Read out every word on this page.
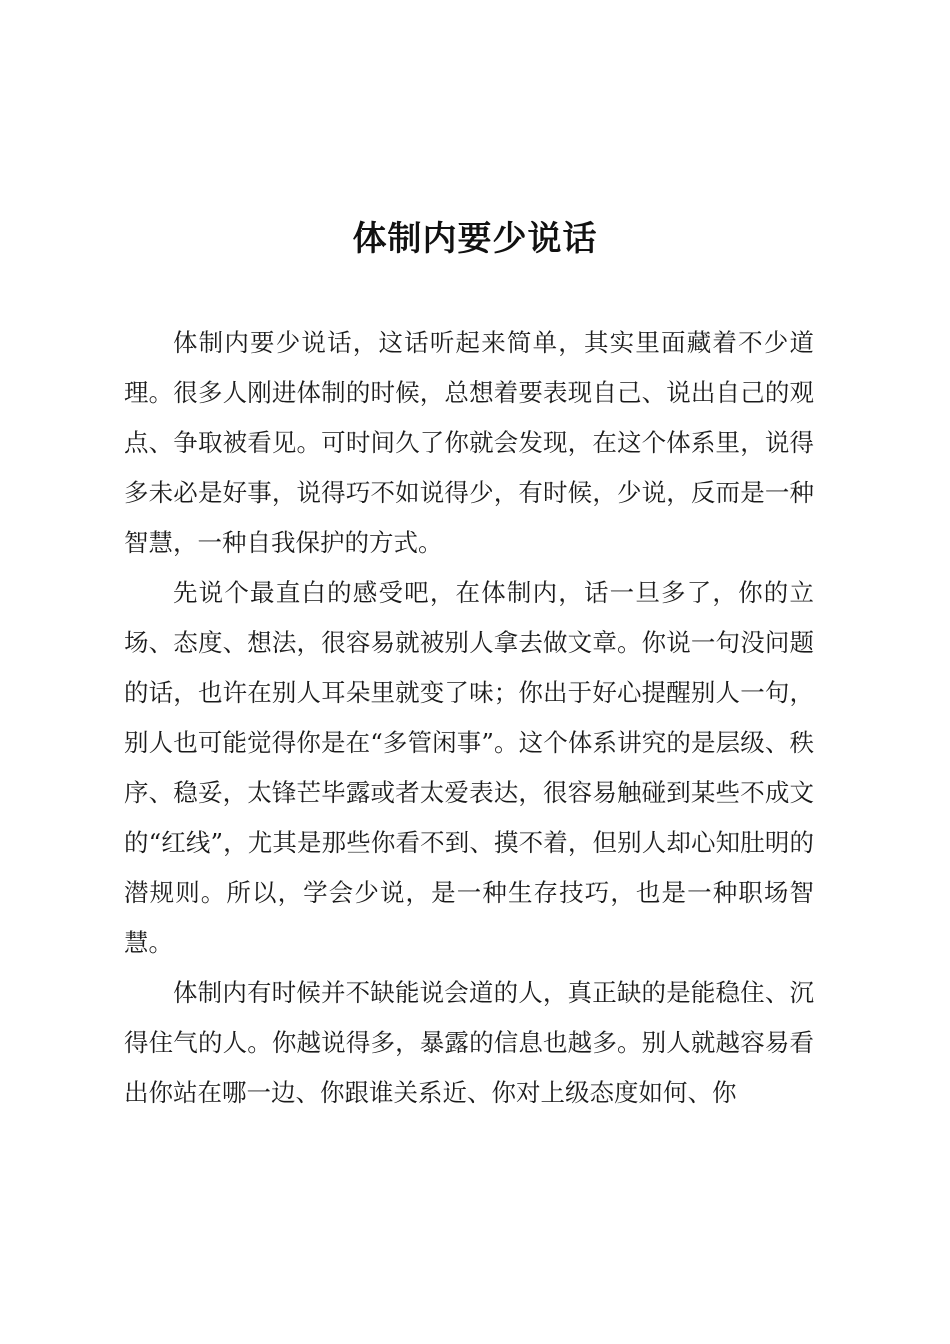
体制内要少说话

体制内要少说话，这话听起来简单，其实里面藏着不少道理。很多人刚进体制的时候，总想着要表现自己、说出自己的观点、争取被看见。可时间久了你就会发现，在这个体系里，说得多未必是好事，说得巧不如说得少，有时候，少说，反而是一种智慧，一种自我保护的方式。

先说个最直白的感受吧，在体制内，话一旦多了，你的立场、态度、想法，很容易就被别人拿去做文章。你说一句没问题的话，也许在别人耳朵里就变了味；你出于好心提醒别人一句，别人也可能觉得你是在“多管闲事”。这个体系讲究的是层级、秩序、稳妥，太锋芒毕露或者太爱表达，很容易触碰到某些不成文的“红线”，尤其是那些你看不到、摸不着，但别人却心知肚明的潜规则。所以，学会少说，是一种生存技巧，也是一种职场智慧。

体制内有时候并不缺能说会道的人，真正缺的是能稳住、沉得住气的人。你越说得多，暴露的信息也越多。别人就越容易看出你站在哪一边、你跟谁关系近、你对上级态度如何、你
